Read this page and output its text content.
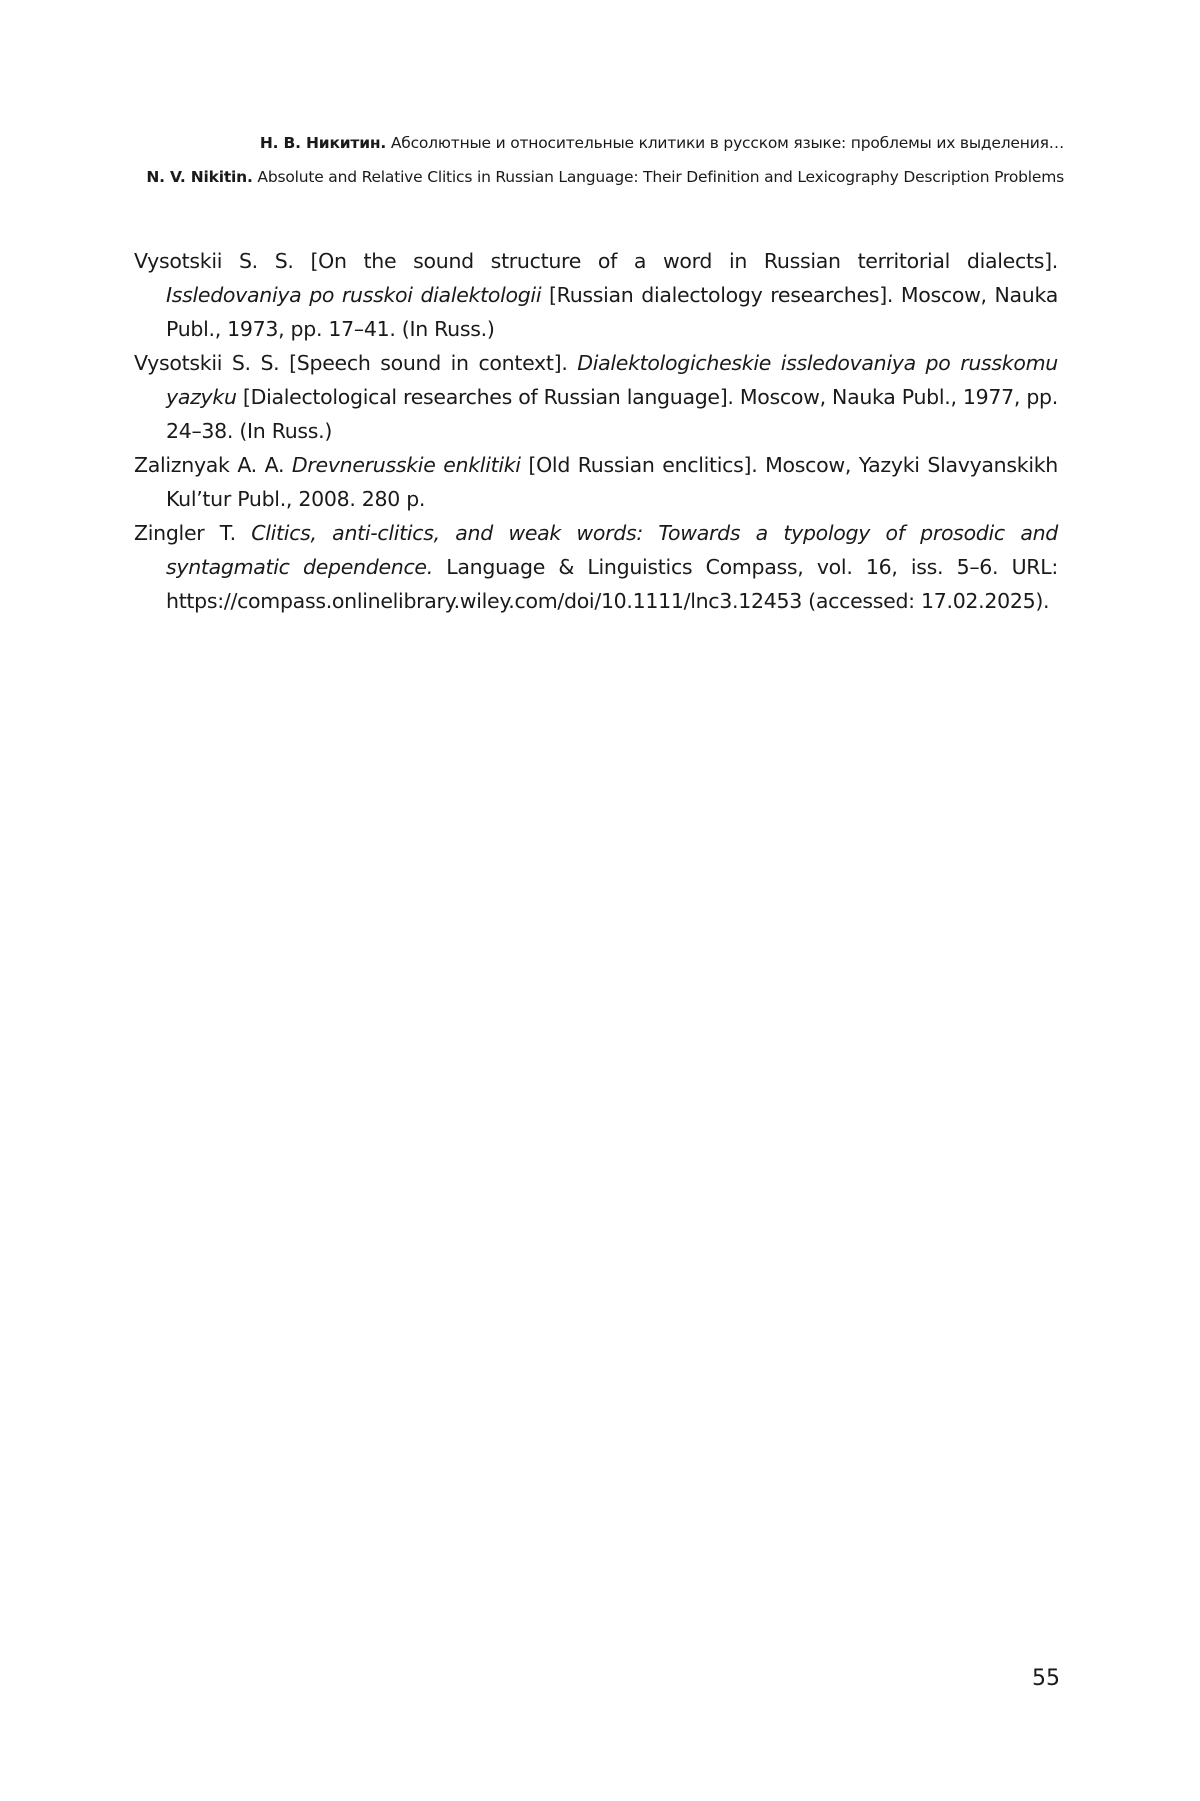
Н. В. Никитин. Абсолютные и относительные клитики в русском языке: проблемы их выделения…
N. V. Nikitin. Absolute and Relative Clitics in Russian Language: Their Definition and Lexicography Description Problems

Vysotskii S. S. [On the sound structure of a word in Russian territorial dialects]. Issledovaniya po russkoi dialektologii [Russian dialectology researches]. Moscow, Nauka Publ., 1973, pp. 17–41. (In Russ.)

Vysotskii S. S. [Speech sound in context]. Dialektologicheskie issledovaniya po russkomu yazyku [Dialectological researches of Russian language]. Moscow, Nauka Publ., 1977, pp. 24–38. (In Russ.)

Zaliznyak A. A. Drevnerusskie enklitiki [Old Russian enclitics]. Moscow, Yazyki Slavyanskikh Kul’tur Publ., 2008. 280 p.

Zingler T. Clitics, anti-clitics, and weak words: Towards a typology of prosodic and syntagmatic dependence. Language & Linguistics Compass, vol. 16, iss. 5–6. URL: https://compass.onlinelibrary.wiley.com/doi/10.1111/lnc3.12453 (accessed: 17.02.2025).

55
